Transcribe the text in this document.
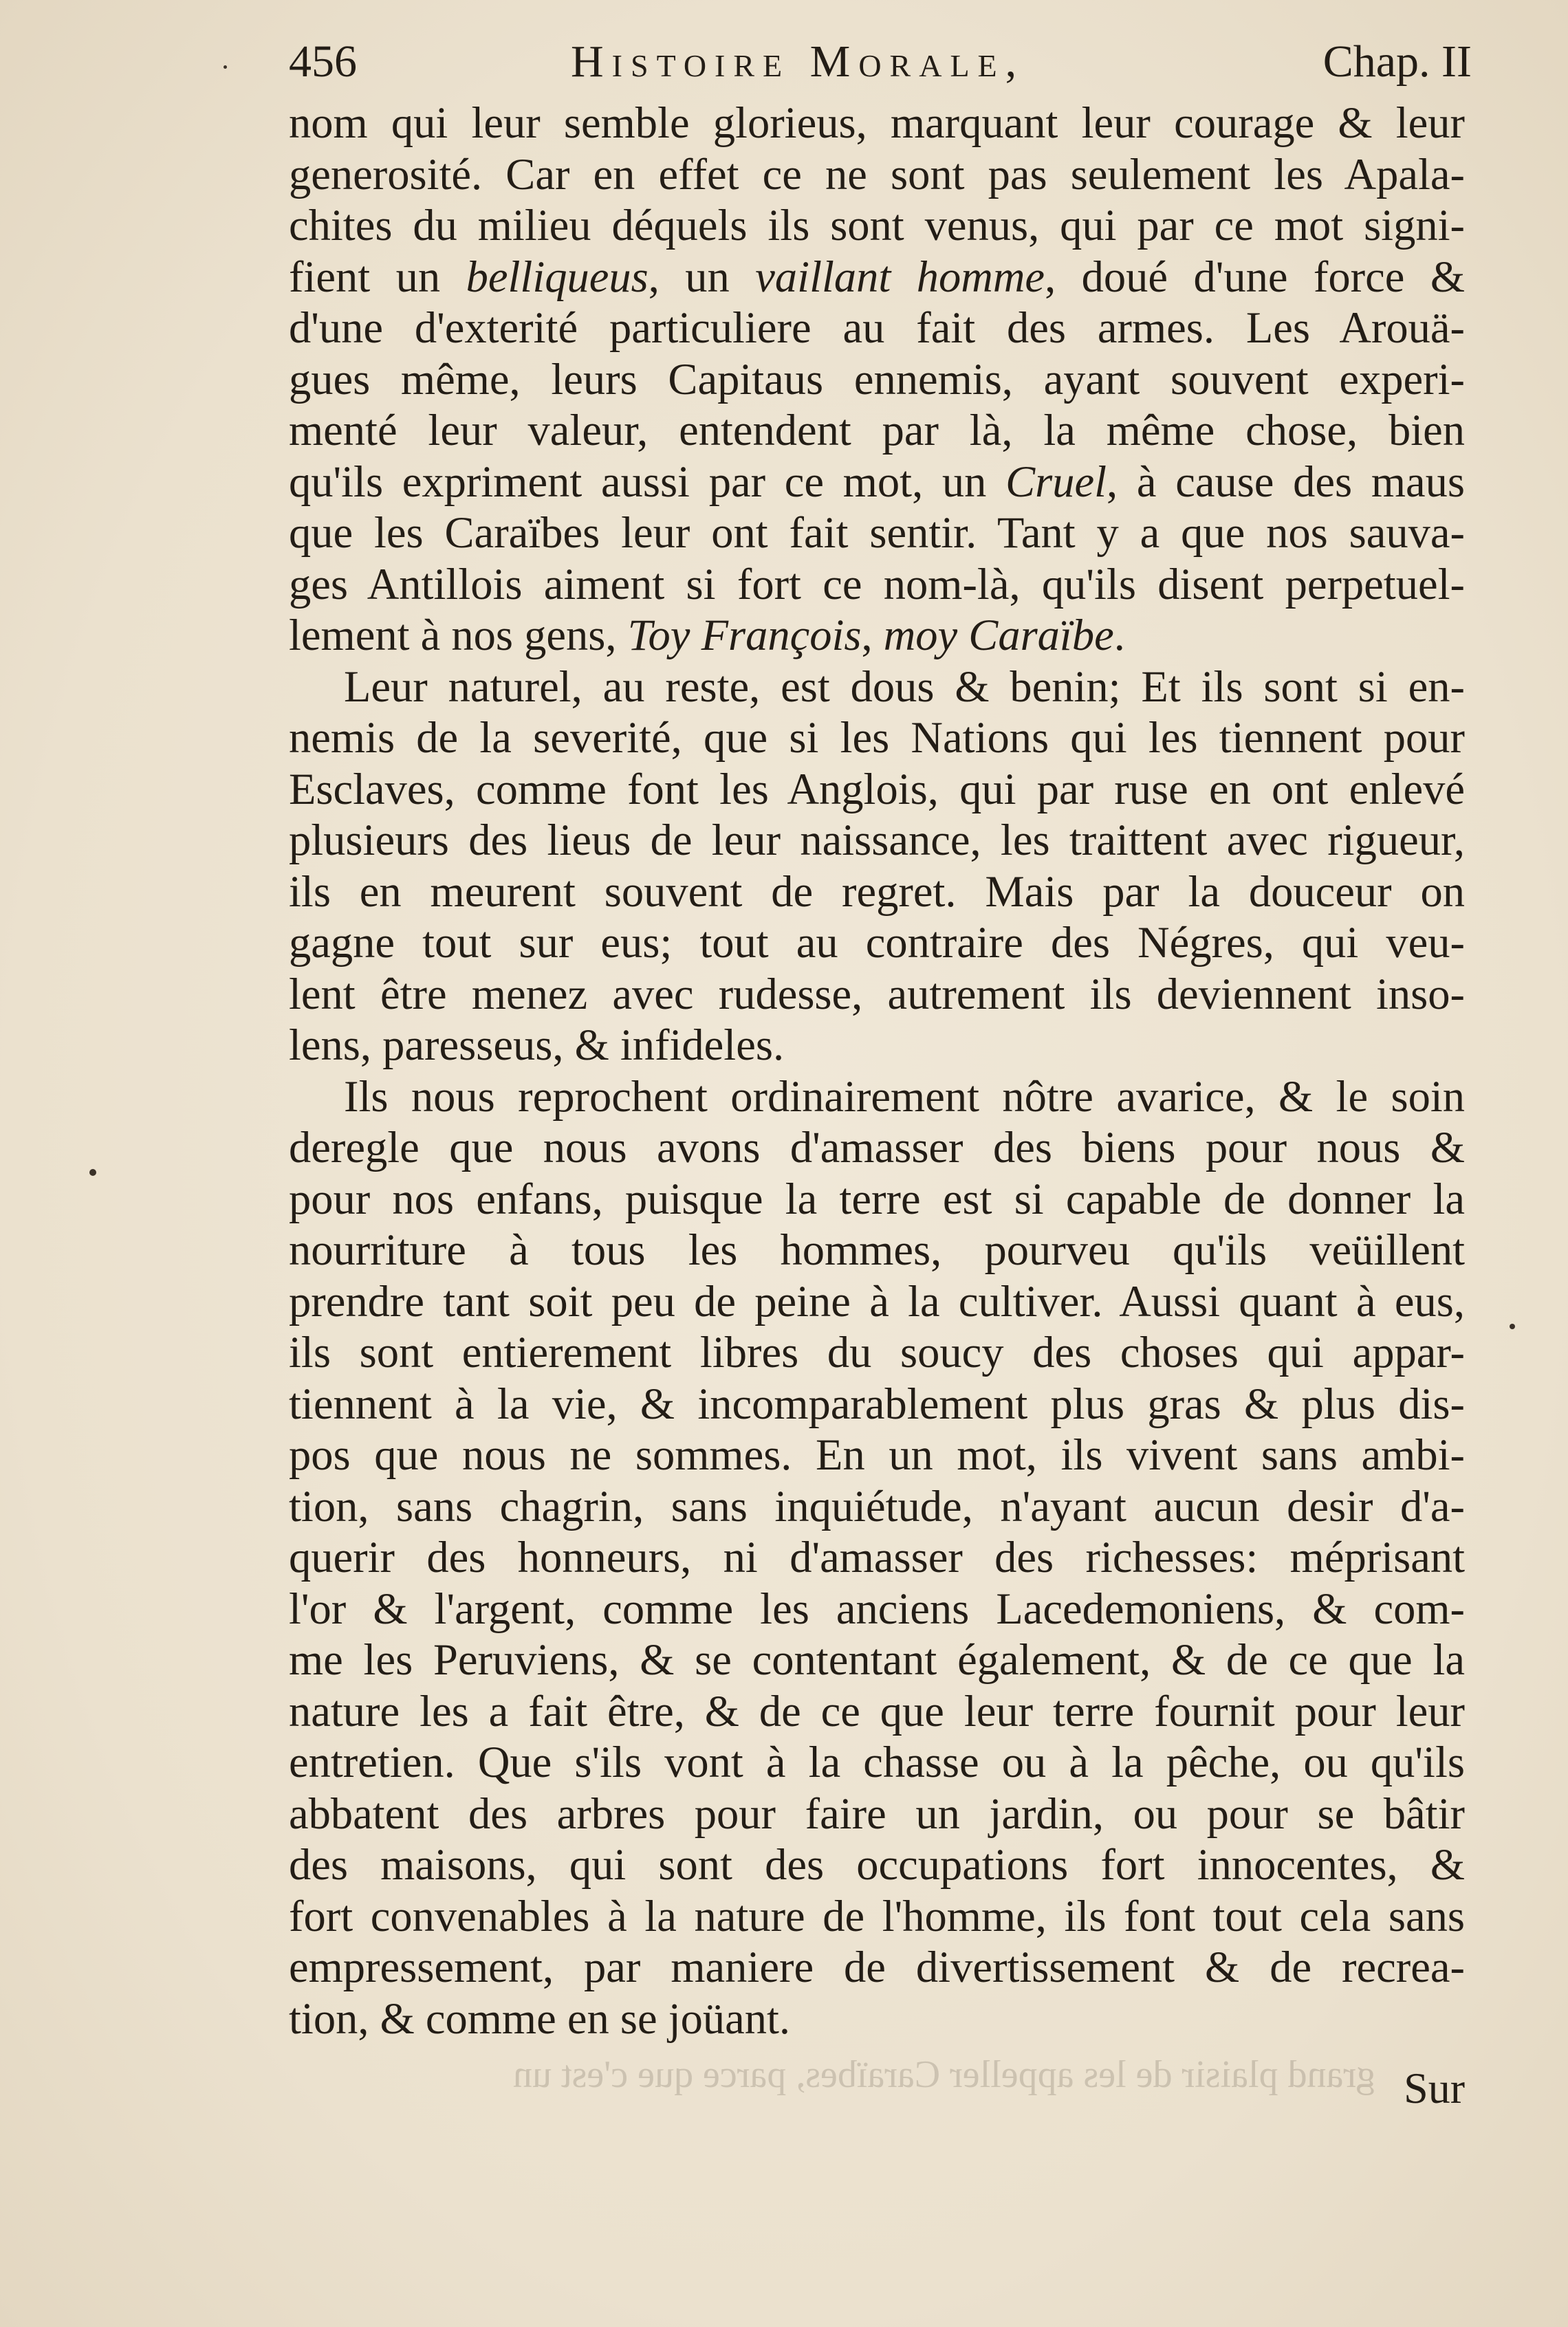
456	Histoire Morale,	Chap. II
nom qui leur semble glorieus, marquant leur courage & leur
generosité. Car en effet ce ne sont pas seulement les Apala-
chites du milieu déquels ils sont venus, qui par ce mot signi-
fient un belliqueus, un vaillant homme, doué d'une force &
d'une d'exterité particuliere au fait des armes. Les Arouä-
gues même, leurs Capitaus ennemis, ayant souvent experi-
menté leur valeur, entendent par là, la même chose, bien
qu'ils expriment aussi par ce mot, un Cruel, à cause des maus
que les Caraïbes leur ont fait sentir. Tant y a que nos sauva-
ges Antillois aiment si fort ce nom-là, qu'ils disent perpetuel-
lement à nos gens, Toy François, moy Caraïbe.
Leur naturel, au reste, est dous & benin; Et ils sont si en-
nemis de la severité, que si les Nations qui les tiennent pour
Esclaves, comme font les Anglois, qui par ruse en ont enlevé
plusieurs des lieus de leur naissance, les traittent avec rigueur,
ils en meurent souvent de regret. Mais par la douceur on
gagne tout sur eus; tout au contraire des Négres, qui veu-
lent être menez avec rudesse, autrement ils deviennent inso-
lens, paresseus, & infideles.
Ils nous reprochent ordinairement nôtre avarice, & le soin
deregle que nous avons d'amasser des biens pour nous &
pour nos enfans, puisque la terre est si capable de donner la
nourriture à tous les hommes, pourveu qu'ils veüillent
prendre tant soit peu de peine à la cultiver. Aussi quant à eus,
ils sont entierement libres du soucy des choses qui appar-
tiennent à la vie, & incomparablement plus gras & plus dis-
pos que nous ne sommes. En un mot, ils vivent sans ambi-
tion, sans chagrin, sans inquiétude, n'ayant aucun desir d'a-
querir des honneurs, ni d'amasser des richesses: méprisant
l'or & l'argent, comme les anciens Lacedemoniens, & com-
me les Peruviens, & se contentant également, & de ce que la
nature les a fait être, & de ce que leur terre fournit pour leur
entretien. Que s'ils vont à la chasse ou à la pêche, ou qu'ils
abbatent des arbres pour faire un jardin, ou pour se bâtir
des maisons, qui sont des occupations fort innocentes, &
fort convenables à la nature de l'homme, ils font tout cela sans
empressement, par maniere de divertissement & de recrea-
tion, & comme en se joüant.
grand plaisir de les appeller Caraïbes, parce que c'est un Sur
